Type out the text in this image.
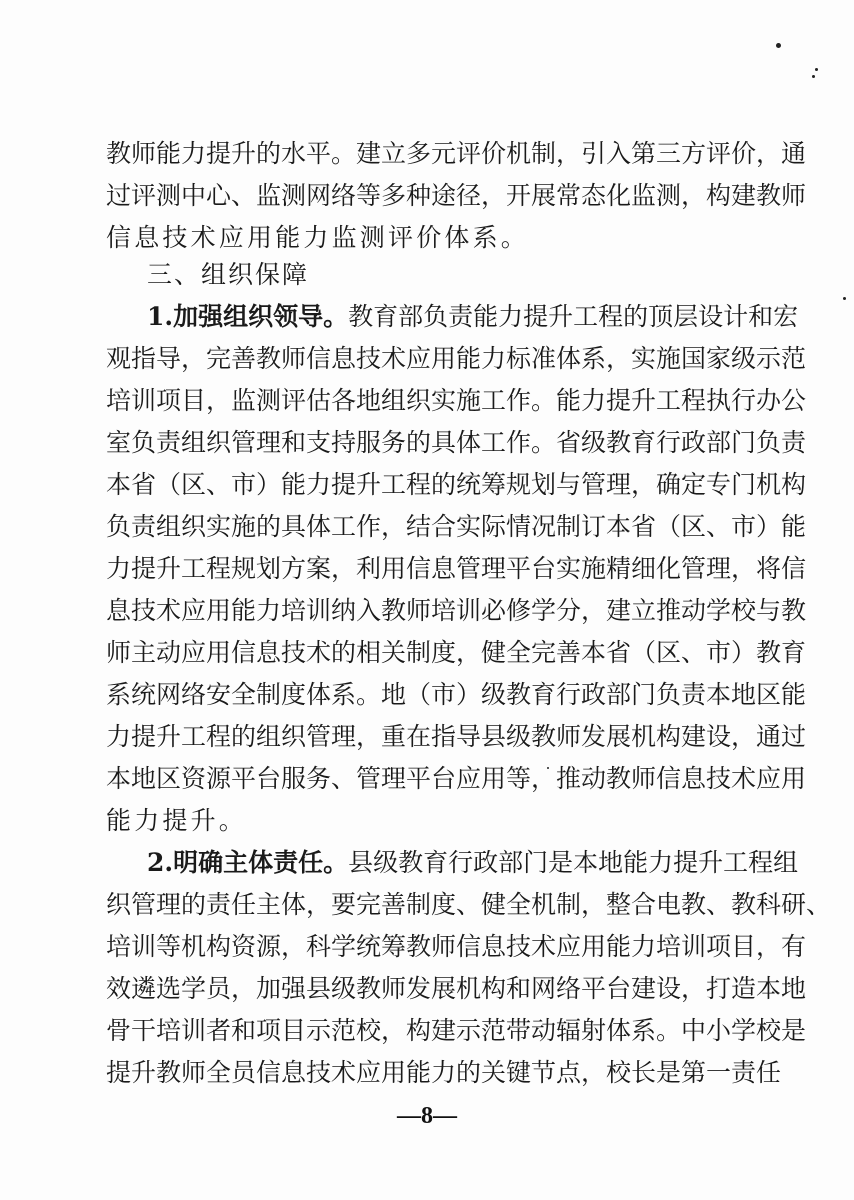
教师能力提升的水平。建立多元评价机制，引入第三方评价，通
过评测中心、监测网络等多种途径，开展常态化监测，构建教师
信息技术应用能力监测评价体系。
三、组织保障
1.加强组织领导。教育部负责能力提升工程的顶层设计和宏
观指导，完善教师信息技术应用能力标准体系，实施国家级示范
培训项目，监测评估各地组织实施工作。能力提升工程执行办公
室负责组织管理和支持服务的具体工作。省级教育行政部门负责
本省（区、市）能力提升工程的统筹规划与管理，确定专门机构
负责组织实施的具体工作，结合实际情况制订本省（区、市）能
力提升工程规划方案，利用信息管理平台实施精细化管理，将信
息技术应用能力培训纳入教师培训必修学分，建立推动学校与教
师主动应用信息技术的相关制度，健全完善本省（区、市）教育
系统网络安全制度体系。地（市）级教育行政部门负责本地区能
力提升工程的组织管理，重在指导县级教师发展机构建设，通过
本地区资源平台服务、管理平台应用等，推动教师信息技术应用
能力提升。
2.明确主体责任。县级教育行政部门是本地能力提升工程组
织管理的责任主体，要完善制度、健全机制，整合电教、教科研、
培训等机构资源，科学统筹教师信息技术应用能力培训项目，有
效遴选学员，加强县级教师发展机构和网络平台建设，打造本地
骨干培训者和项目示范校，构建示范带动辐射体系。中小学校是
提升教师全员信息技术应用能力的关键节点，校长是第一责任
—8—
